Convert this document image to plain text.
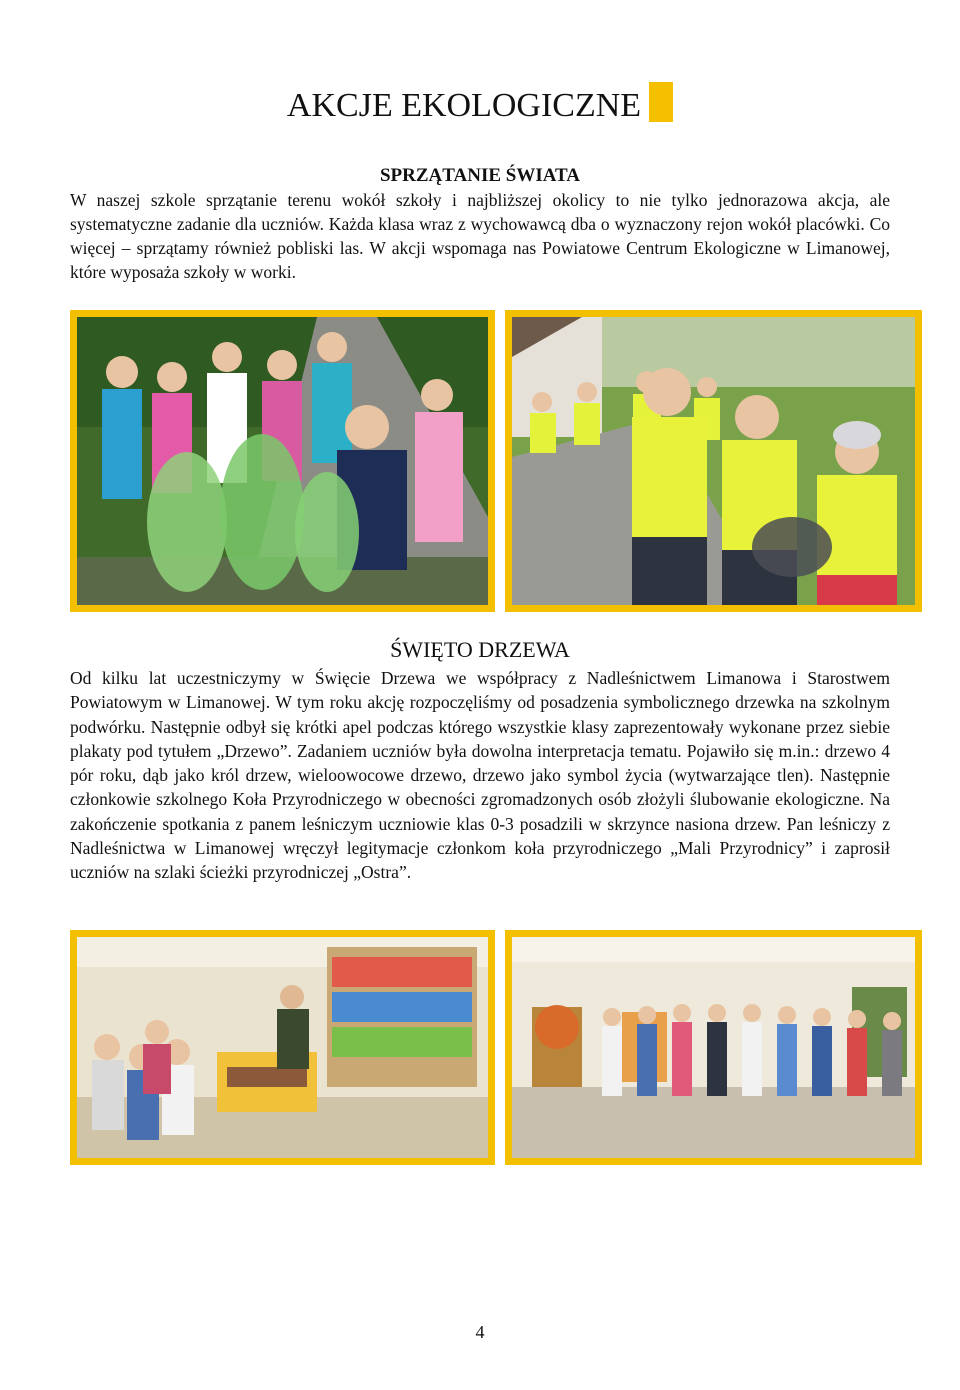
AKCJE EKOLOGICZNE
SPRZĄTANIE ŚWIATA

W naszej szkole sprzątanie terenu wokół szkoły i najbliższej okolicy to nie tylko jednorazowa akcja, ale systematyczne zadanie dla uczniów. Każda klasa wraz z wychowawcą dba o wyznaczony rejon wokół placówki. Co więcej – sprzątamy również pobliski las. W akcji wspomaga nas Powiatowe Centrum Ekologiczne w Limanowej, które wyposaża szkoły w worki.

ŚWIĘTO DRZEWA

Od kilku lat uczestniczymy w Święcie Drzewa we współpracy z Nadleśnictwem Limanowa i Starostwem Powiatowym w Limanowej. W tym roku akcję rozpoczęliśmy od posadzenia symbolicznego drzewka na szkolnym podwórku. Następnie odbył się krótki apel podczas którego wszystkie klasy zaprezentowały wykonane przez siebie plakaty pod tytułem „Drzewo”. Zadaniem uczniów była dowolna interpretacja tematu. Pojawiło się m.in.: drzewo 4 pór roku, dąb jako król drzew, wieloowocowe drzewo, drzewo jako symbol życia (wytwarzające tlen). Następnie członkowie szkolnego Koła Przyrodniczego w obecności zgromadzonych osób złożyli ślubowanie ekologiczne. Na zakończenie spotkania z panem leśniczym uczniowie klas 0-3 posadzili w skrzynce nasiona drzew. Pan leśniczy z Nadleśnictwa w Limanowej wręczył legitymacje członkom koła przyrodniczego „Mali Przyrodnicy” i zaprosił uczniów na szlaki ścieżki przyrodniczej „Ostra”.

4
